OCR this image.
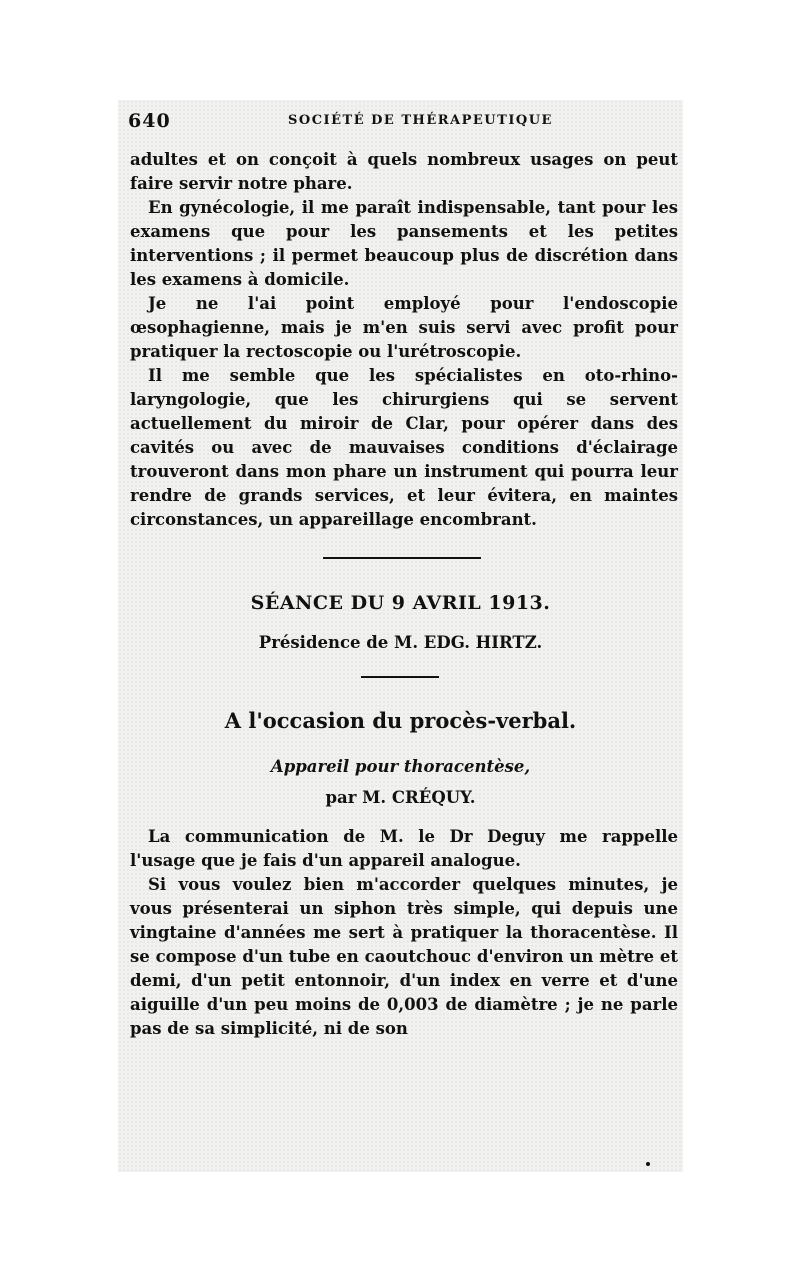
640	SOCIÉTÉ DE THÉRAPEUTIQUE

adultes et on conçoit à quels nombreux usages on peut faire servir notre phare.

En gynécologie, il me paraît indispensable, tant pour les examens que pour les pansements et les petites interventions ; il permet beaucoup plus de discrétion dans les examens à domicile.

Je ne l'ai point employé pour l'endoscopie œsophagienne, mais je m'en suis servi avec profit pour pratiquer la rectoscopie ou l'urétroscopie.

Il me semble que les spécialistes en oto-rhino-laryngologie, que les chirurgiens qui se servent actuellement du miroir de Clar, pour opérer dans des cavités ou avec de mauvaises conditions d'éclairage trouveront dans mon phare un instrument qui pourra leur rendre de grands services, et leur évitera, en maintes circonstances, un appareillage encombrant.

SÉANCE DU 9 AVRIL 1913.
Présidence de M. EDG. HIRTZ.
A l'occasion du procès-verbal.
Appareil pour thoracentèse,
par M. CRÉQUY.

La communication de M. le Dr Deguy me rappelle l'usage que je fais d'un appareil analogue.

Si vous voulez bien m'accorder quelques minutes, je vous présenterai un siphon très simple, qui depuis une vingtaine d'années me sert à pratiquer la thoracentèse. Il se compose d'un tube en caoutchouc d'environ un mètre et demi, d'un petit entonnoir, d'un index en verre et d'une aiguille d'un peu moins de 0,003 de diamètre ; je ne parle pas de sa simplicité, ni de son
